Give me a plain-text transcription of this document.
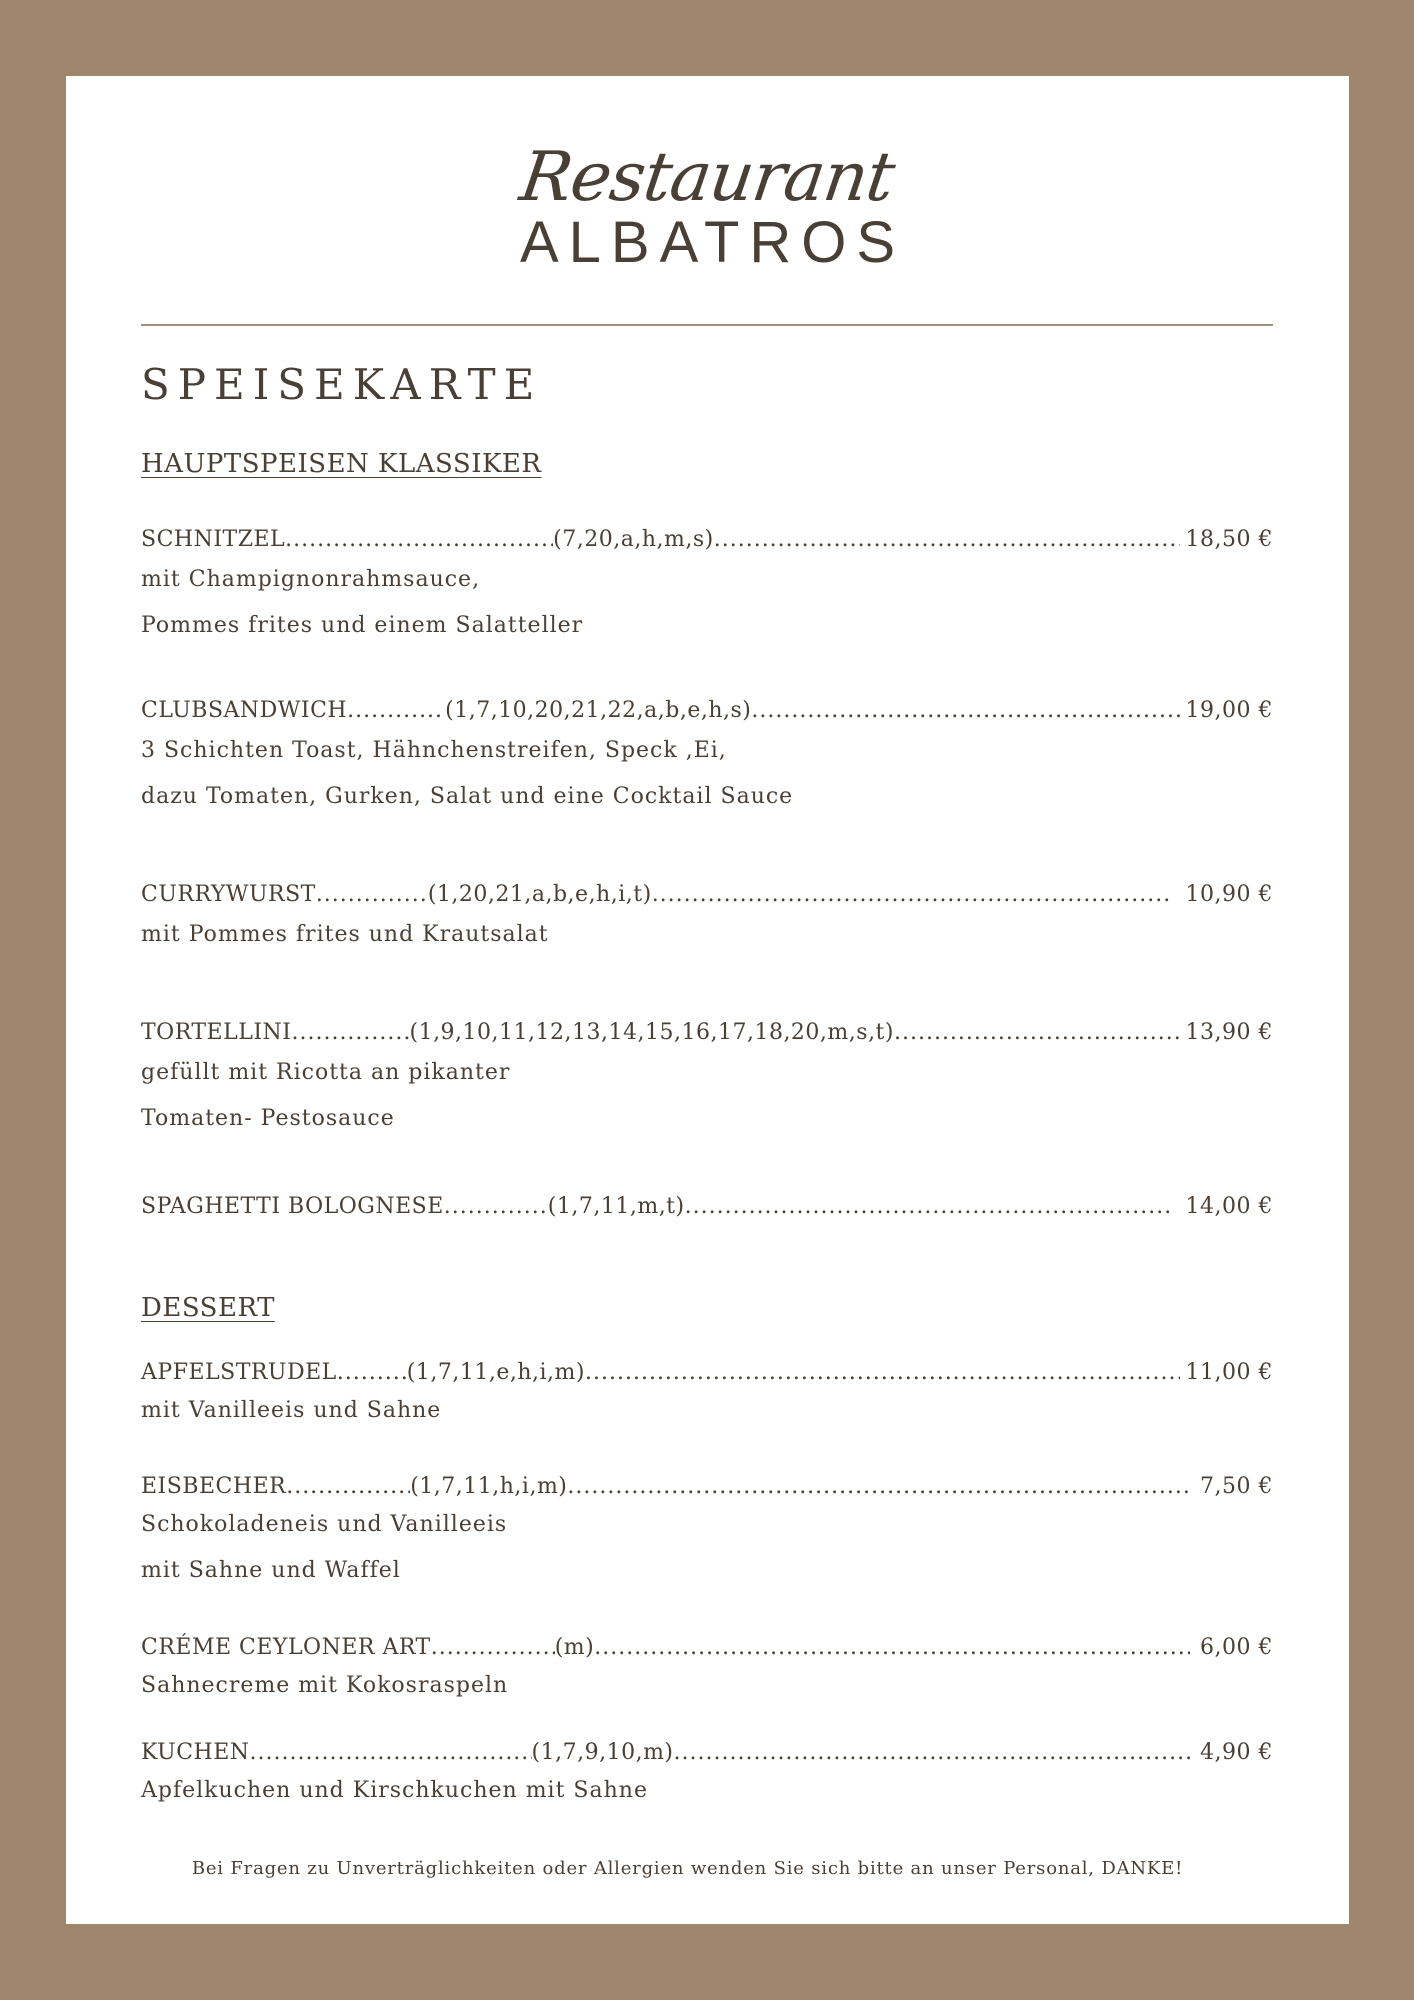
Restaurant
ALBATROS
SPEISEKARTE
HAUPTSPEISEN KLASSIKER
SCHNITZEL .....	(7,20,a,h,m,s) .....	18,50 €
mit Champignonrahmsauce,
Pommes frites und einem Salatteller
CLUBSANDWICH .....	(1,7,10,20,21,22,a,b,e,h,s) .....	19,00 €
3 Schichten Toast, Hähnchenstreifen, Speck ,Ei,
dazu Tomaten, Gurken, Salat und eine Cocktail Sauce
CURRYWURST .....	(1,20,21,a,b,e,h,i,t) .....	10,90 €
mit Pommes frites und Krautsalat
TORTELLINI .....	(1,9,10,11,12,13,14,15,16,17,18,20,m,s,t) .....	13,90 €
gefüllt mit Ricotta an pikanter
Tomaten- Pestosauce
SPAGHETTI BOLOGNESE .....	(1,7,11,m,t) .....	14,00 €
DESSERT
APFELSTRUDEL .....	(1,7,11,e,h,i,m) .....	11,00 €
mit Vanilleeis und Sahne
EISBECHER .....	(1,7,11,h,i,m) .....	7,50 €
Schokoladeneis und Vanilleeis
mit Sahne und Waffel
CRÉME CEYLONER ART .....	(m) .....	6,00 €
Sahnecreme mit Kokosraspeln
KUCHEN .....	(1,7,9,10,m) .....	4,90 €
Apfelkuchen und Kirschkuchen mit Sahne
Bei Fragen zu Unverträglichkeiten oder Allergien wenden Sie sich bitte an unser Personal, DANKE!
